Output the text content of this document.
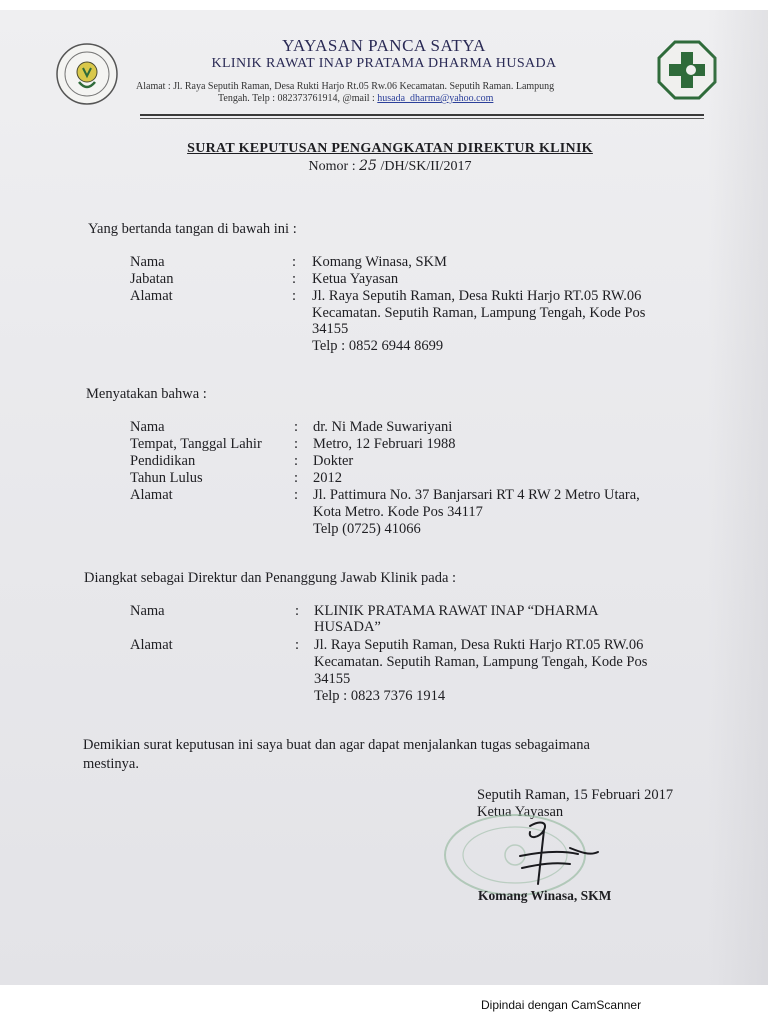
YAYASAN PANCA SATYA
KLINIK RAWAT INAP PRATAMA DHARMA HUSADA
Alamat : Jl. Raya Seputih Raman, Desa Rukti Harjo Rt.05 Rw.06 Kecamatan. Seputih Raman. Lampung
Tengah. Telp : 082373761914, @mail : husada_dharma@yahoo.com
SURAT KEPUTUSAN PENGANGKATAN DIREKTUR KLINIK
Nomor : 25 /DH/SK/II/2017
Yang bertanda tangan di bawah ini :
Nama
Jabatan
Alamat
:
:
:
Komang Winasa, SKM
Ketua Yayasan
Jl. Raya Seputih Raman, Desa Rukti Harjo RT.05 RW.06
Kecamatan. Seputih Raman, Lampung Tengah, Kode Pos
34155
Telp : 0852 6944 8699
Menyatakan bahwa :
Nama
Tempat, Tanggal Lahir
Pendidikan
Tahun Lulus
Alamat
:
:
:
:
:
dr. Ni Made Suwariyani
Metro, 12 Februari 1988
Dokter
2012
Jl. Pattimura No. 37 Banjarsari RT 4 RW 2 Metro Utara,
Kota Metro. Kode Pos 34117
Telp (0725) 41066
Diangkat sebagai Direktur dan Penanggung Jawab Klinik pada :
Nama
Alamat
:
:
KLINIK PRATAMA RAWAT INAP “DHARMA
HUSADA”
Jl. Raya Seputih Raman, Desa Rukti Harjo RT.05 RW.06
Kecamatan. Seputih Raman, Lampung Tengah, Kode Pos
34155
Telp : 0823 7376 1914
Demikian surat keputusan ini saya buat dan agar dapat menjalankan tugas sebagaimana
mestinya.
Seputih Raman, 15 Februari 2017
Ketua Yayasan
Komang Winasa, SKM
Dipindai dengan CamScanner
